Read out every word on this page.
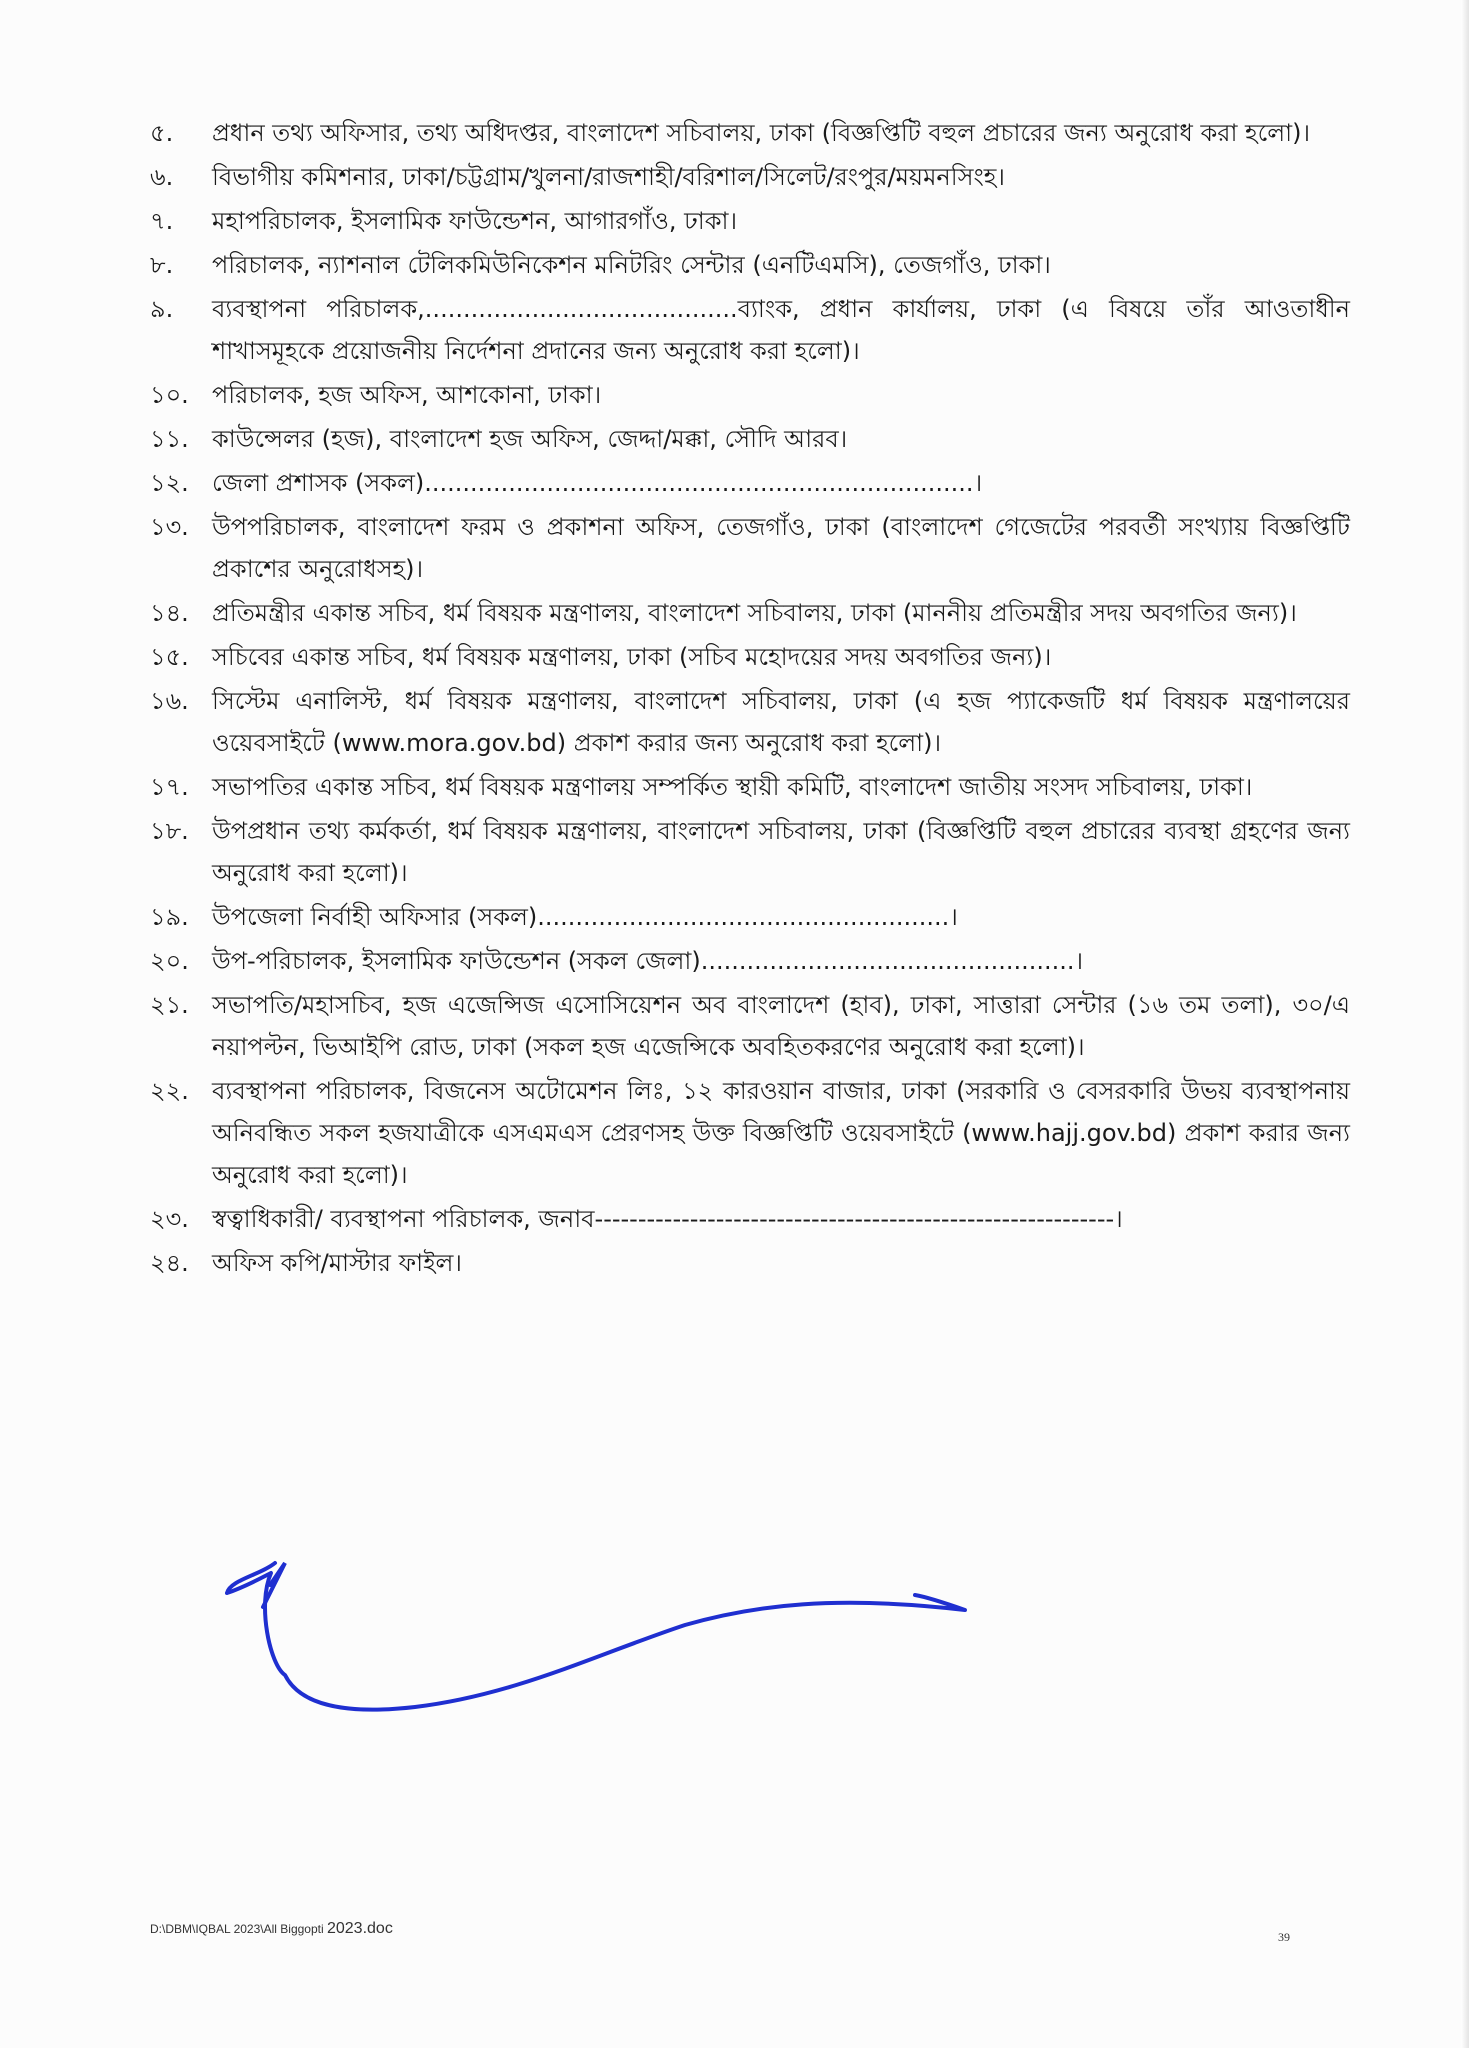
৫.	প্রধান তথ্য অফিসার, তথ্য অধিদপ্তর, বাংলাদেশ সচিবালয়, ঢাকা (বিজ্ঞপ্তিটি বহুল প্রচারের জন্য অনুরোধ করা হলো)।
৬.	বিভাগীয় কমিশনার, ঢাকা/চট্টগ্রাম/খুলনা/রাজশাহী/বরিশাল/সিলেট/রংপুর/ময়মনসিংহ।
৭.	মহাপরিচালক, ইসলামিক ফাউন্ডেশন, আগারগাঁও, ঢাকা।
৮.	পরিচালক, ন্যাশনাল টেলিকমিউনিকেশন মনিটরিং সেন্টার (এনটিএমসি), তেজগাঁও, ঢাকা।
৯.	ব্যবস্থাপনা পরিচালক,.........................................ব্যাংক, প্রধান কার্যালয়, ঢাকা (এ বিষয়ে তাঁর আওতাধীন শাখাসমূহকে প্রয়োজনীয় নির্দেশনা প্রদানের জন্য অনুরোধ করা হলো)।
১০. পরিচালক, হজ অফিস, আশকোনা, ঢাকা।
১১. কাউন্সেলর (হজ), বাংলাদেশ হজ অফিস, জেদ্দা/মক্কা, সৌদি আরব।
১২. জেলা প্রশাসক (সকল)........................................................................।
১৩. উপপরিচালক, বাংলাদেশ ফরম ও প্রকাশনা অফিস, তেজগাঁও, ঢাকা (বাংলাদেশ গেজেটের পরবর্তী সংখ্যায় বিজ্ঞপ্তিটি প্রকাশের অনুরোধসহ)।
১৪. প্রতিমন্ত্রীর একান্ত সচিব, ধর্ম বিষয়ক মন্ত্রণালয়, বাংলাদেশ সচিবালয়, ঢাকা (মাননীয় প্রতিমন্ত্রীর সদয় অবগতির জন্য)।
১৫. সচিবের একান্ত সচিব, ধর্ম বিষয়ক মন্ত্রণালয়, ঢাকা (সচিব মহোদয়ের সদয় অবগতির জন্য)।
১৬. সিস্টেম এনালিস্ট, ধর্ম বিষয়ক মন্ত্রণালয়, বাংলাদেশ সচিবালয়, ঢাকা (এ হজ প্যাকেজটি ধর্ম বিষয়ক মন্ত্রণালয়ের ওয়েবসাইটে (www.mora.gov.bd) প্রকাশ করার জন্য অনুরোধ করা হলো)।
১৭. সভাপতির একান্ত সচিব, ধর্ম বিষয়ক মন্ত্রণালয় সম্পর্কিত স্থায়ী কমিটি, বাংলাদেশ জাতীয় সংসদ সচিবালয়, ঢাকা।
১৮. উপপ্রধান তথ্য কর্মকর্তা, ধর্ম বিষয়ক মন্ত্রণালয়, বাংলাদেশ সচিবালয়, ঢাকা (বিজ্ঞপ্তিটি বহুল প্রচারের ব্যবস্থা গ্রহণের জন্য অনুরোধ করা হলো)।
১৯. উপজেলা নির্বাহী অফিসার (সকল)......................................................।
২০. উপ-পরিচালক, ইসলামিক ফাউন্ডেশন (সকল জেলা).................................................।
২১. সভাপতি/মহাসচিব, হজ এজেন্সিজ এসোসিয়েশন অব বাংলাদেশ (হাব), ঢাকা, সাত্তারা সেন্টার (১৬ তম তলা), ৩০/এ নয়াপল্টন, ভিআইপি রোড, ঢাকা (সকল হজ এজেন্সিকে অবহিতকরণের অনুরোধ করা হলো)।
২২. ব্যবস্থাপনা পরিচালক, বিজনেস অটোমেশন লিঃ, ১২ কারওয়ান বাজার, ঢাকা (সরকারি ও বেসরকারি উভয় ব্যবস্থাপনায় অনিবন্ধিত সকল হজযাত্রীকে এসএমএস প্রেরণসহ উক্ত বিজ্ঞপ্তিটি ওয়েবসাইটে (www.hajj.gov.bd) প্রকাশ করার জন্য অনুরোধ করা হলো)।
২৩. স্বত্বাধিকারী/ ব্যবস্থাপনা পরিচালক, জনাব------------------------------------------------------------।
২৪. অফিস কপি/মাস্টার ফাইল।
D:\DBM\IQBAL 2023\All Biggopti 2023.doc	39
